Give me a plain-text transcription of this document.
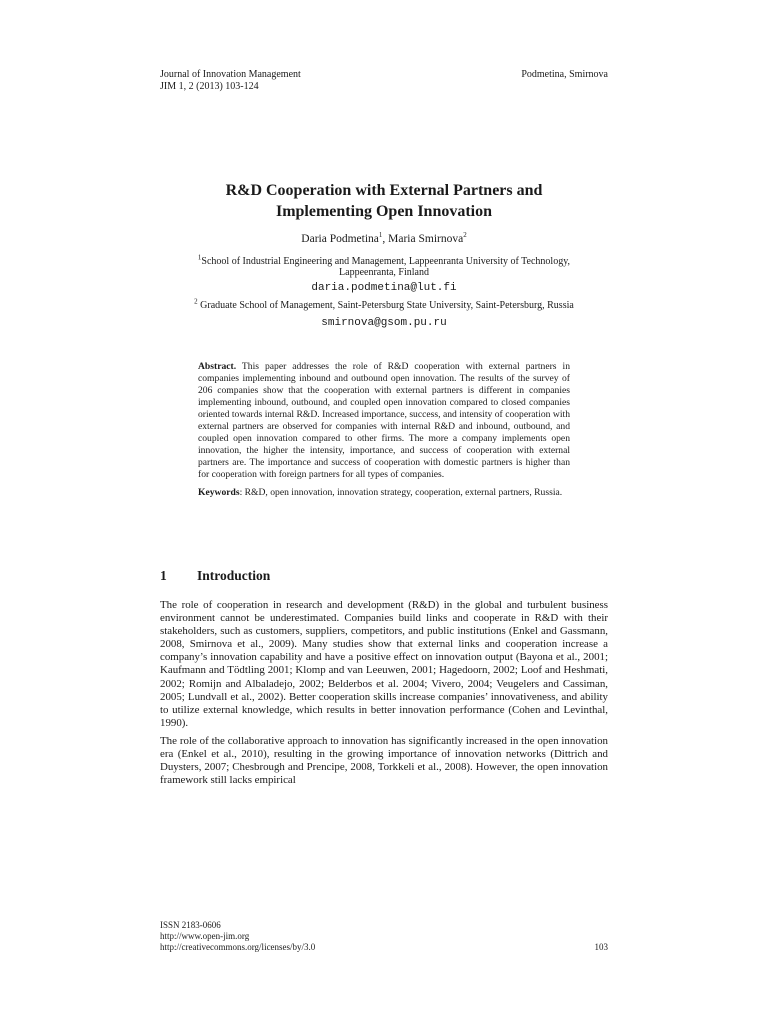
Journal of Innovation Management
JIM 1, 2 (2013) 103-124
Podmetina, Smirnova
R&D Cooperation with External Partners and
Implementing Open Innovation
Daria Podmetina$^1$, Maria Smirnova$^2$
$^1$School of Industrial Engineering and Management, Lappeenranta University of Technology,
Lappeenranta, Finland
daria.podmetina@lut.fi
$^2$ Graduate School of Management, Saint-Petersburg State University, Saint-Petersburg, Russia
smirnova@gsom.pu.ru

Abstract. This paper addresses the role of R&D cooperation with external partners in companies implementing inbound and outbound open innovation. The results of the survey of 206 companies show that the cooperation with external partners is different in companies implementing inbound, outbound, and coupled open innovation compared to closed companies oriented towards internal R&D. Increased importance, success, and intensity of cooperation with external partners are observed for companies with internal R&D and inbound, outbound, and coupled open innovation compared to other firms. The more a company implements open innovation, the higher the intensity, importance, and success of cooperation with external partners are. The importance and success of cooperation with domestic partners is higher than for cooperation with foreign partners for all types of companies.

Keywords: R&D, open innovation, innovation strategy, cooperation, external partners, Russia.

1 Introduction

The role of cooperation in research and development (R&D) in the global and turbulent business environment cannot be underestimated. Companies build links and cooperate in R&D with their stakeholders, such as customers, suppliers, competitors, and public institutions (Enkel and Gassmann, 2008, Smirnova et al., 2009). Many studies show that external links and cooperation increase a company’s innovation capability and have a positive effect on innovation output (Bayona et al., 2001; Kaufmann and Tödtling 2001; Klomp and van Leeuwen, 2001; Hagedoorn, 2002; Loof and Heshmati, 2002; Romijn and Albaladejo, 2002; Belderbos et al. 2004; Vivero, 2004; Veugelers and Cassiman, 2005; Lundvall et al., 2002). Better cooperation skills increase companies’ innovativeness, and ability to utilize external knowledge, which results in better innovation performance (Cohen and Levinthal, 1990).

The role of the collaborative approach to innovation has significantly increased in the open innovation era (Enkel et al., 2010), resulting in the growing importance of innovation networks (Dittrich and Duysters, 2007; Chesbrough and Prencipe, 2008, Torkkeli et al., 2008). However, the open innovation framework still lacks empirical

ISSN 2183-0606
http://www.open-jim.org
http://creativecommons.org/licenses/by/3.0	103
